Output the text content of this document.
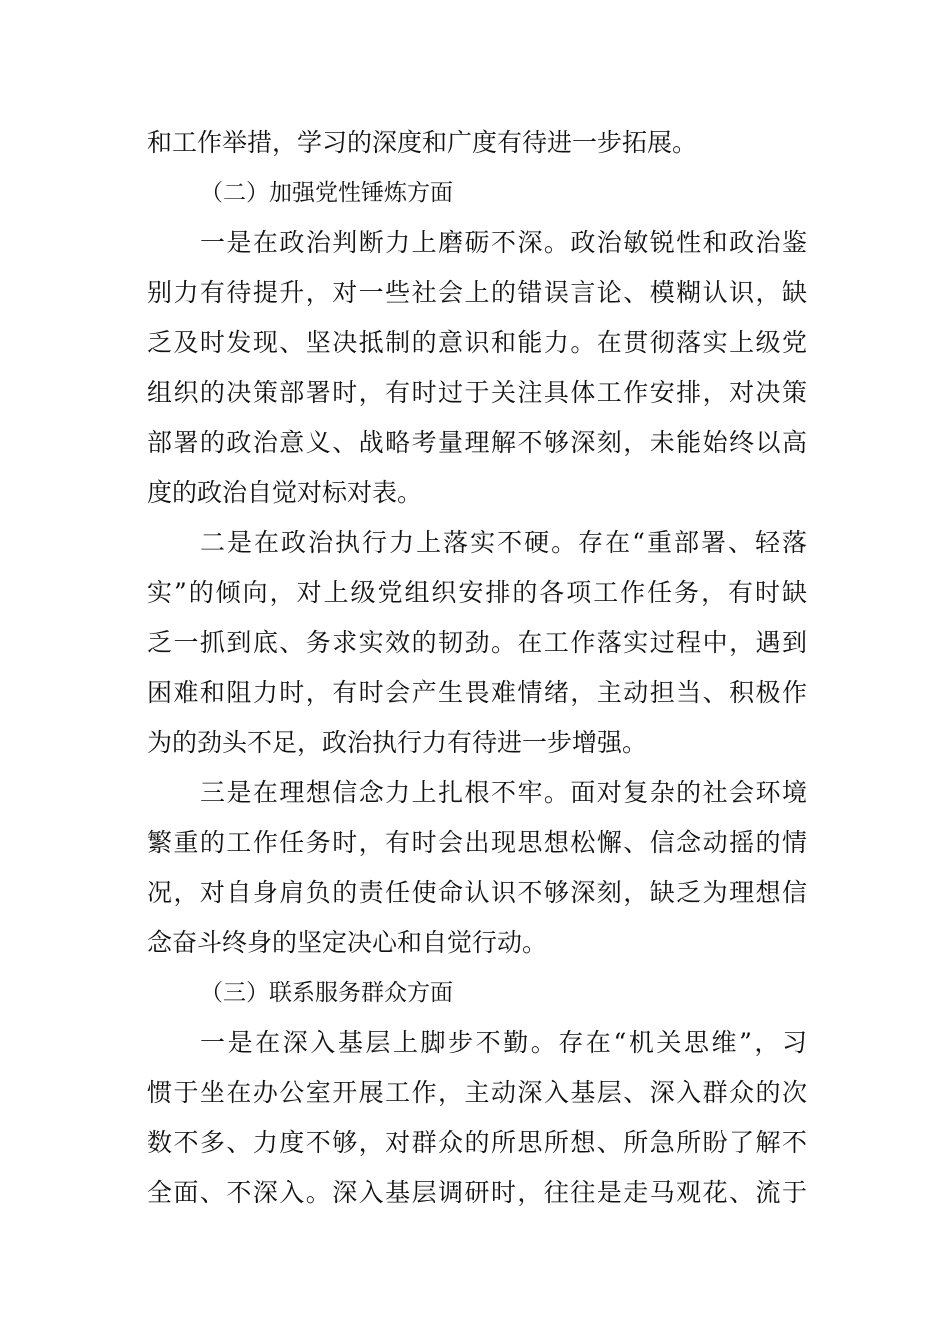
和工作举措，学习的深度和广度有待进一步拓展。
（二）加强党性锤炼方面
一是在政治判断力上磨砺不深。政治敏锐性和政治鉴
别力有待提升，对一些社会上的错误言论、模糊认识，缺
乏及时发现、坚决抵制的意识和能力。在贯彻落实上级党
组织的决策部署时，有时过于关注具体工作安排，对决策
部署的政治意义、战略考量理解不够深刻，未能始终以高
度的政治自觉对标对表。
二是在政治执行力上落实不硬。存在“重部署、轻落
实”的倾向，对上级党组织安排的各项工作任务，有时缺
乏一抓到底、务求实效的韧劲。在工作落实过程中，遇到
困难和阻力时，有时会产生畏难情绪，主动担当、积极作
为的劲头不足，政治执行力有待进一步增强。
三是在理想信念力上扎根不牢。面对复杂的社会环境
繁重的工作任务时，有时会出现思想松懈、信念动摇的情
况，对自身肩负的责任使命认识不够深刻，缺乏为理想信
念奋斗终身的坚定决心和自觉行动。
（三）联系服务群众方面
一是在深入基层上脚步不勤。存在“机关思维”，习
惯于坐在办公室开展工作，主动深入基层、深入群众的次
数不多、力度不够，对群众的所思所想、所急所盼了解不
全面、不深入。深入基层调研时，往往是走马观花、流于
